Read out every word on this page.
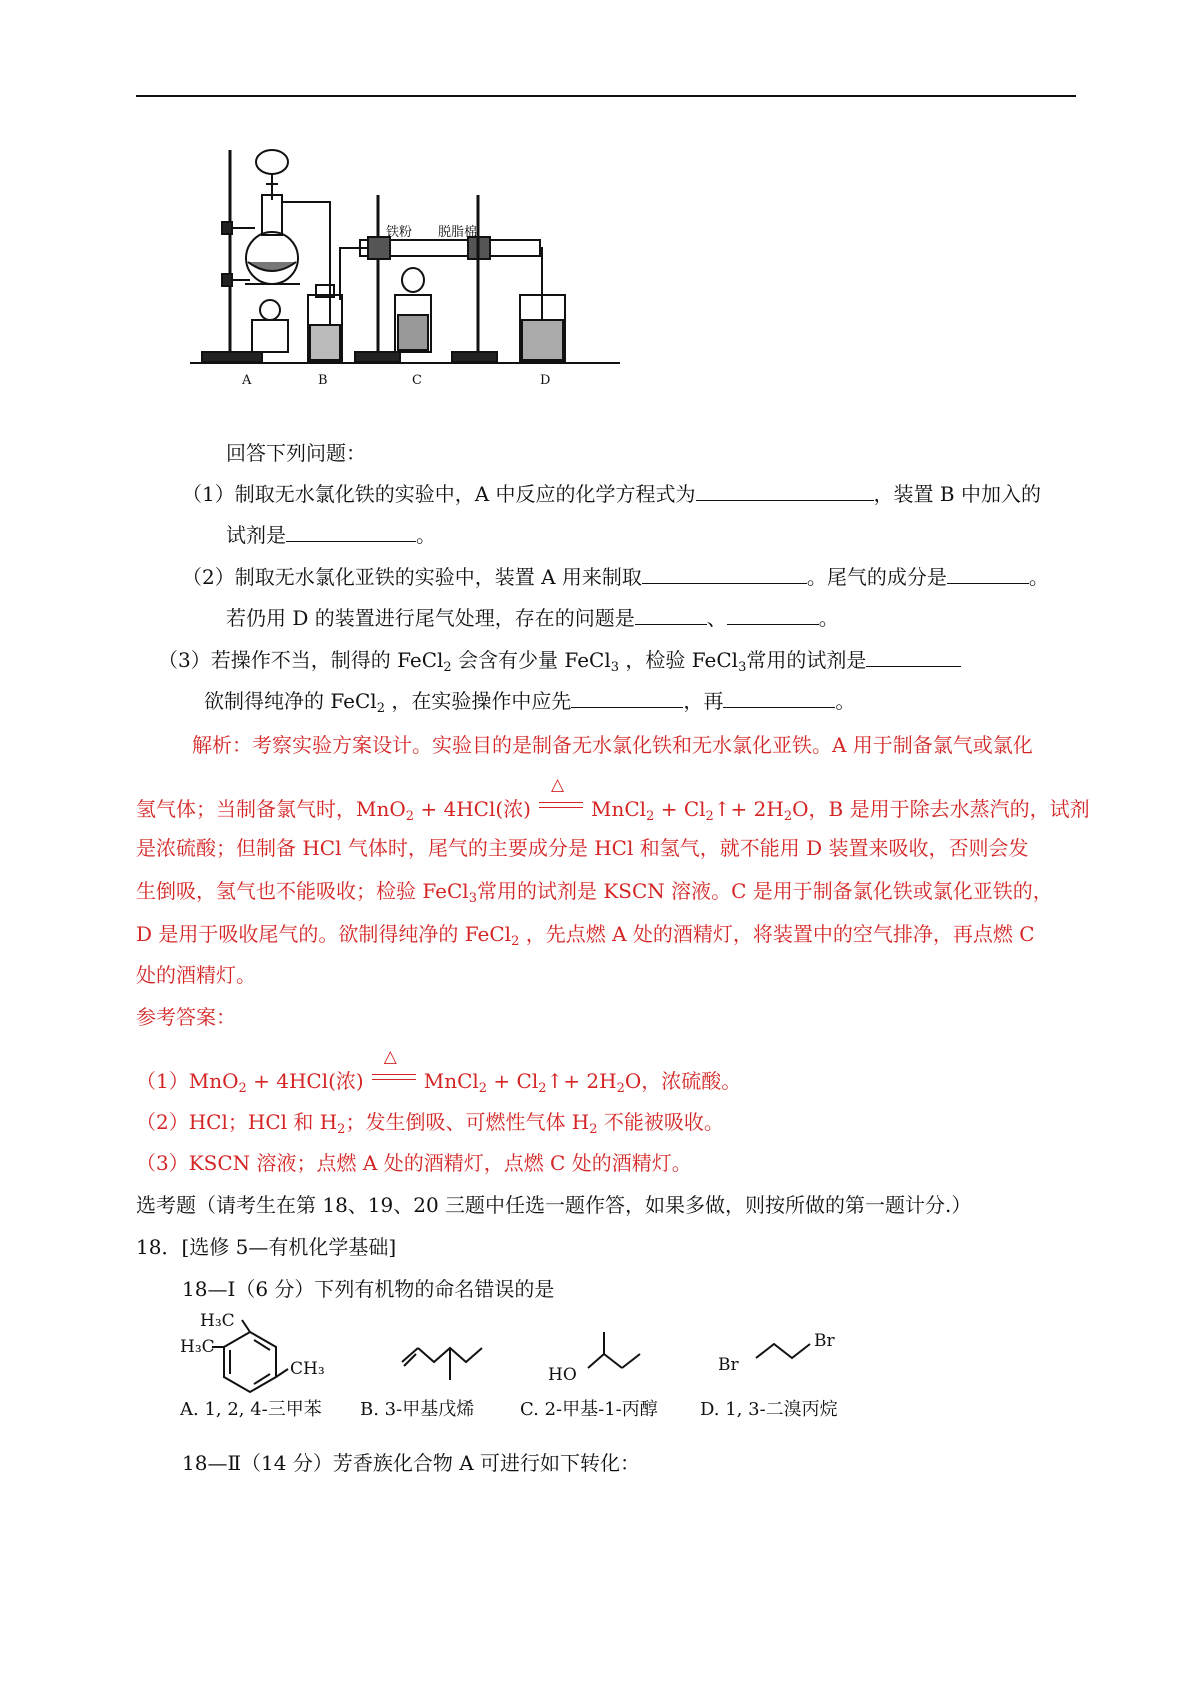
铁粉 脱脂棉
A	B	C	D
回答下列问题：
（1）制取无水氯化铁的实验中，A 中反应的化学方程式为	，装置 B 中加入的
试剂是	。
（2）制取无水氯化亚铁的实验中，装置 A 用来制取	。尾气的成分是	。
若仍用 D 的装置进行尾气处理，存在的问题是	、	。
（3）若操作不当，制得的 FeCl$_2$ 会含有少量 FeCl$_3$ ，检验 FeCl$_3$常用的试剂是
欲制得纯净的 FeCl$_2$ ，在实验操作中应先	，再	。
解析：考察实验方案设计。实验目的是制备无水氯化铁和无水氯化亚铁。A 用于制备氯气或氯化
氢气体；当制备氯气时，MnO$_2$ + 4HCl(浓)
△
MnCl$_2$ + $Cl_2↑+ 2H_2O$，B 是用于除去水蒸汽的，试剂
是浓硫酸；但制备 HCl 气体时，尾气的主要成分是 HCl 和氢气，就不能用 D 装置来吸收，否则会发
生倒吸，氢气也不能吸收；检验 FeCl$_3$常用的试剂是 KSCN 溶液。C 是用于制备氯化铁或氯化亚铁的，
D 是用于吸收尾气的。欲制得纯净的 FeCl$_2$ ，先点燃 A 处的酒精灯，将装置中的空气排净，再点燃 C
处的酒精灯。
参考答案：
（1）MnO$_2$ + 4HCl(浓)
△
MnCl$_2$ + $Cl_2↑+ 2H_2O$，浓硫酸。
（2）HCl；HCl 和 $H_2$；发生倒吸、可燃性气体 $H_2$ 不能被吸收。
（3）KSCN 溶液；点燃 A 处的酒精灯，点燃 C 处的酒精灯。
选考题（请考生在第 18、19、20 三题中任选一题作答，如果多做，则按所做的第一题计分.）
18．[选修 5—有机化学基础]
18—Ⅰ（6 分）下列有机物的命名错误的是
H₃C
H₃C
CH₃	HO	Br
Br
A. 1, 2, 4-三甲苯 B. 3-甲基戊烯	C. 2-甲基-1-丙醇 D. 1, 3-二溴丙烷
18—Ⅱ（14 分）芳香族化合物 A 可进行如下转化：
